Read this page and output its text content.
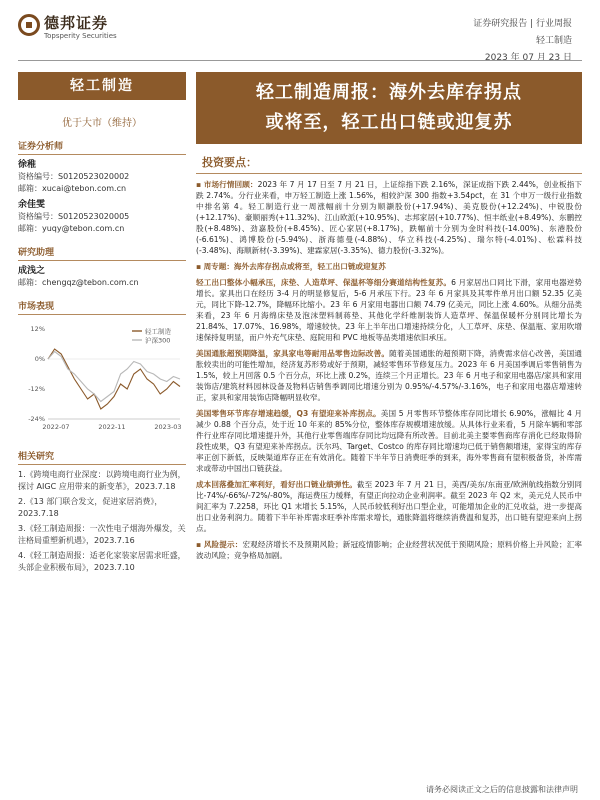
德邦证券
Topsperity Securities
证券研究报告 | 行业周报
轻工制造
2023 年 07 月 23 日
轻工制造
优于大市（维持）
证券分析师
徐稚
资格编号：S0120523020002
邮箱：xucai@tebon.com.cn
余佳雯
资格编号：S0120523020005
邮箱：yuqy@tebon.com.cn
研究助理
成浅之
邮箱：chengqz@tebon.com.cn
市场表现
12%
0%
-12%
-24%
2022-07	2022-11	2023-03
轻工制造
沪深300
相关研究
1.《跨境电商行业深度：以跨境电商行业为例，探讨 AIGC 应用带来的新变革》，2023.7.18
2.《13 部门联合发文，促进家居消费》，2023.7.18
3.《轻工制造周报：一次性电子烟海外爆发，关注格局重塑新机遇》，2023.7.16
4.《轻工制造周报：适老化家装家居需求旺盛，头部企业积极布局》，2023.7.10
轻工制造周报：海外去库存拐点
或将至，轻工出口链或迎复苏
投资要点：
▪ 市场行情回顾：2023 年 7 月 17 日至 7 月 21 日，上证综指下跌 2.16%，深证成指下跌 2.44%，创业板指下跌 2.74%。分行业来看，申万轻工制造上涨 1.56%，相较沪深 300 指数+3.54pct，在 31 个申万一级行业指数中排名第 4。轻工制造行业一周涨幅前十分别为顺灏股份(+17.94%)、美克股份(+12.24%)、中锐股份(+12.17%)、豪顺丽秀(+11.32%)、江山欧派(+10.95%)、志邦家居(+10.77%)、恒丰纸业(+8.49%)、东鹏控股(+8.48%)、劲嘉股份(+8.45%)、匠心家居(+8.17%)，跌幅前十分别为金时科技(-14.00%)、东港股份(-6.61%)、鸿博股份(-5.94%)、浙海德曼(-4.88%)、华立科技(-4.25%)、瑞尔特(-4.01%)、松霖科技(-3.48%)、海顺新材(-3.39%)、建霖家居(-3.35%)、德力股份(-3.32%)。
▪ 周专题：海外去库存拐点或将至，轻工出口链或迎复苏
轻工出口整体小幅承压，床垫、人造草坪、保温杯等细分赛道结构性复苏。6 月家居出口同比下滑，家用电器逆势增长。家具出口在经历 3-4 月的明显修复后，5-6 月承压下行。23 年 6 月家具及其零件单月出口额 52.35 亿美元，同比下降-12.7%，降幅环比缩小。23 年 6 月家用电器出口额 74.79 亿美元，同比上涨 4.60%。从细分品类来看，23 年 6 月海绵床垫及泡沫塑料制蒋垫、其他化学纤维制装饰人造草坪、保温保暖杯分别同比增长为 21.84%、17.07%、16.98%，增速较快。23 年上半年出口增速持续分化，人工草坪、床垫、保温瓶、家用吹增速保持复明显，而户外充气床垫、庭院用和 PVC 地板等品类增速依旧承压。
美国通胀超预期降温，家具家电等耐用品零售边际改善。随着美国通胀的超预期下降，消费需求信心改善，美国通胀较卖出的可能性增加，经济复苏形势或好于预期，减轻零售环节修复压力。2023 年 6 月美国季调后零售销售为 1.5%，较上月回落 0.5 个百分点，环比上涨 0.2%，连续三个月正增长。23 年 6 月电子和家用电器店/家具和家用装饰店/建筑材料园林设备及物料店销售季调同比增速分别为 0.95%/-4.57%/-3.16%，电子和家用电器店增速转正，家具和家用装饰店降幅明显收窄。
美国零售环节库存增速趋缓，Q3 有望迎来补库拐点。美国 5 月零售环节整体库存同比增长 6.90%，涨幅比 4 月减少 0.88 个百分点，处于近 10 年来的 85%分位，整体库存规模增速放缓。从具体行业来看，5 月除车辆和零部件行业库存同比增速提升外，其他行业零售端库存同比均远降有所改善。目前北美主要零售商库存消化已经取得阶段性成果，Q3 有望迎来补库拐点。沃尔玛、Target、Costco 的库存同比增速均已低于销售额增速，家得宝的库存率正创下新低，反映渠道库存正在有效消化。随着下半年节日消费旺季的到来，海外零售商有望积极备货，补库需求或带动中国出口链获益。
成本回落叠加汇率利好，看好出口链业绩弹性。截至 2023 年 7 月 21 日，美西/美东/东南亚/欧洲航线指数分别同比-74%/-66%/-72%/-80%，海运费压力缓释，有望正向拉动企业利润率。截至 2023 年 Q2 末，美元兑人民币中间汇率为 7.2258，环比 Q1 末增长 5.15%，人民币较低利好出口型企业，可能增加企业的汇兑收益，进一步提高出口业务利润力。随着下半年补库需求旺季补库需求增长，通胀降温将继续消费温和复苏，出口链有望迎来向上拐点。
▪ 风险提示：宏观经济增长不及预期风险；新冠疫情影响；企业经营状况低于预期风险；原料价格上升风险；汇率波动风险；竞争格局加剧。
请务必阅读正文之后的信息披露和法律声明
